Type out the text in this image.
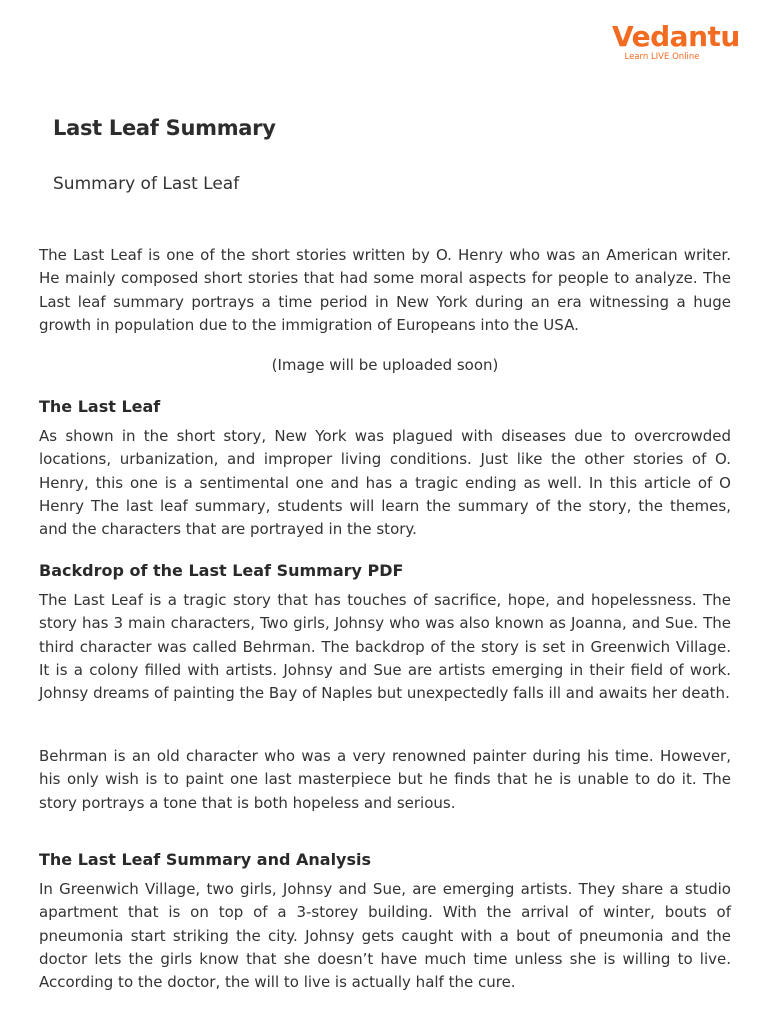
Vedantu
Learn LIVE Online
Last Leaf Summary
Summary of Last Leaf

The Last Leaf is one of the short stories written by O. Henry who was an American writer. He mainly composed short stories that had some moral aspects for people to analyze. The Last leaf summary portrays a time period in New York during an era witnessing a huge growth in population due to the immigration of Europeans into the USA.

(Image will be uploaded soon)

The Last Leaf

As shown in the short story, New York was plagued with diseases due to overcrowded locations, urbanization, and improper living conditions. Just like the other stories of O. Henry, this one is a sentimental one and has a tragic ending as well. In this article of O Henry The last leaf summary, students will learn the summary of the story, the themes, and the characters that are portrayed in the story.

Backdrop of the Last Leaf Summary PDF

The Last Leaf is a tragic story that has touches of sacrifice, hope, and hopelessness. The story has 3 main characters, Two girls, Johnsy who was also known as Joanna, and Sue. The third character was called Behrman. The backdrop of the story is set in Greenwich Village. It is a colony filled with artists. Johnsy and Sue are artists emerging in their field of work. Johnsy dreams of painting the Bay of Naples but unexpectedly falls ill and awaits her death.

Behrman is an old character who was a very renowned painter during his time. However, his only wish is to paint one last masterpiece but he finds that he is unable to do it. The story portrays a tone that is both hopeless and serious.

The Last Leaf Summary and Analysis

In Greenwich Village, two girls, Johnsy and Sue, are emerging artists. They share a studio apartment that is on top of a 3-storey building. With the arrival of winter, bouts of pneumonia start striking the city. Johnsy gets caught with a bout of pneumonia and the doctor lets the girls know that she doesn’t have much time unless she is willing to live. According to the doctor, the will to live is actually half the cure.
